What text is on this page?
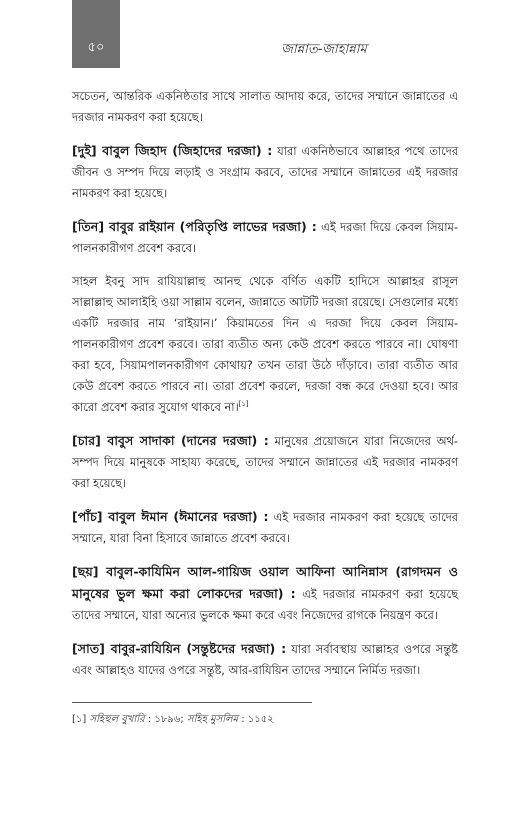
৫০	জান্নাত-জাহান্নাম

সচেতন, আন্তরিক একনিষ্ঠতার সাথে সালাত আদায় করে, তাদের সম্মানে জান্নাতের এ দরজার নামকরণ করা হয়েছে।

[দুই] বাবুল জিহাদ (জিহাদের দরজা) : যারা একনিষ্ঠভাবে আল্লাহর পথে তাদের জীবন ও সম্পদ দিয়ে লড়াই ও সংগ্রাম করবে, তাদের সম্মানে জান্নাতের এই দরজার নামকরণ করা হয়েছে।

[তিন] বাবুর রাইয়ান (পরিতৃপ্তি লাভের দরজা) : এই দরজা দিয়ে কেবল সিয়াম-পালনকারীগণ প্রবেশ করবে।

সাহল ইবনু সাদ রাযিয়াল্লাহু আনহু থেকে বর্ণিত একটি হাদিসে আল্লাহর রাসূল সাল্লাল্লাহু আলাইহি ওয়া সাল্লাম বলেন, জান্নাতে আটটি দরজা রয়েছে। সেগুলোর মধ্যে একটি দরজার নাম ‘রাইয়ান।’ কিয়ামতের দিন এ দরজা দিয়ে কেবল সিয়াম-পালনকারীগণ প্রবেশ করবে। তারা ব্যতীত অন্য কেউ প্রবেশ করতে পারবে না। ঘোষণা করা হবে, সিয়ামপালনকারীগণ কোথায়? তখন তারা উঠে দাঁড়াবে। তারা ব্যতীত আর কেউ প্রবেশ করতে পারবে না। তারা প্রবেশ করলে, দরজা বন্ধ করে দেওয়া হবে। আর কারো প্রবেশ করার সুযোগ থাকবে না।[১]

[চার] বাবুস সাদাকা (দানের দরজা) : মানুষের প্রয়োজনে যারা নিজেদের অর্থ-সম্পদ দিয়ে মানুষকে সাহায্য করেছে, তাদের সম্মানে জান্নাতের এই দরজার নামকরণ করা হয়েছে।

[পাঁচ] বাবুল ঈমান (ঈমানের দরজা) : এই দরজার নামকরণ করা হয়েছে তাদের সম্মানে, যারা বিনা হিসাবে জান্নাতে প্রবেশ করবে।

[ছয়] বাবুল-কাযিমিন আল-গায়িজ ওয়াল আফিনা আনিন্নাস (রাগদমন ও মানুষের ভুল ক্ষমা করা লোকদের দরজা) : এই দরজার নামকরণ করা হয়েছে তাদের সম্মানে, যারা অন্যের ভুলকে ক্ষমা করে এবং নিজেদের রাগকে নিয়ন্ত্রণ করে।

[সাত] বাবুর-রাযিয়িন (সন্তুষ্টদের দরজা) : যারা সর্বাবস্থায় আল্লাহর ওপরে সন্তুষ্ট এবং আল্লাহও যাদের ওপরে সন্তুষ্ট, আর-রাযিয়িন তাদের সম্মানে নির্মিত দরজা।

[১] সহিহুল বুখারি : ১৮৯৬; সহিহ মুসলিম : ১১৫২
